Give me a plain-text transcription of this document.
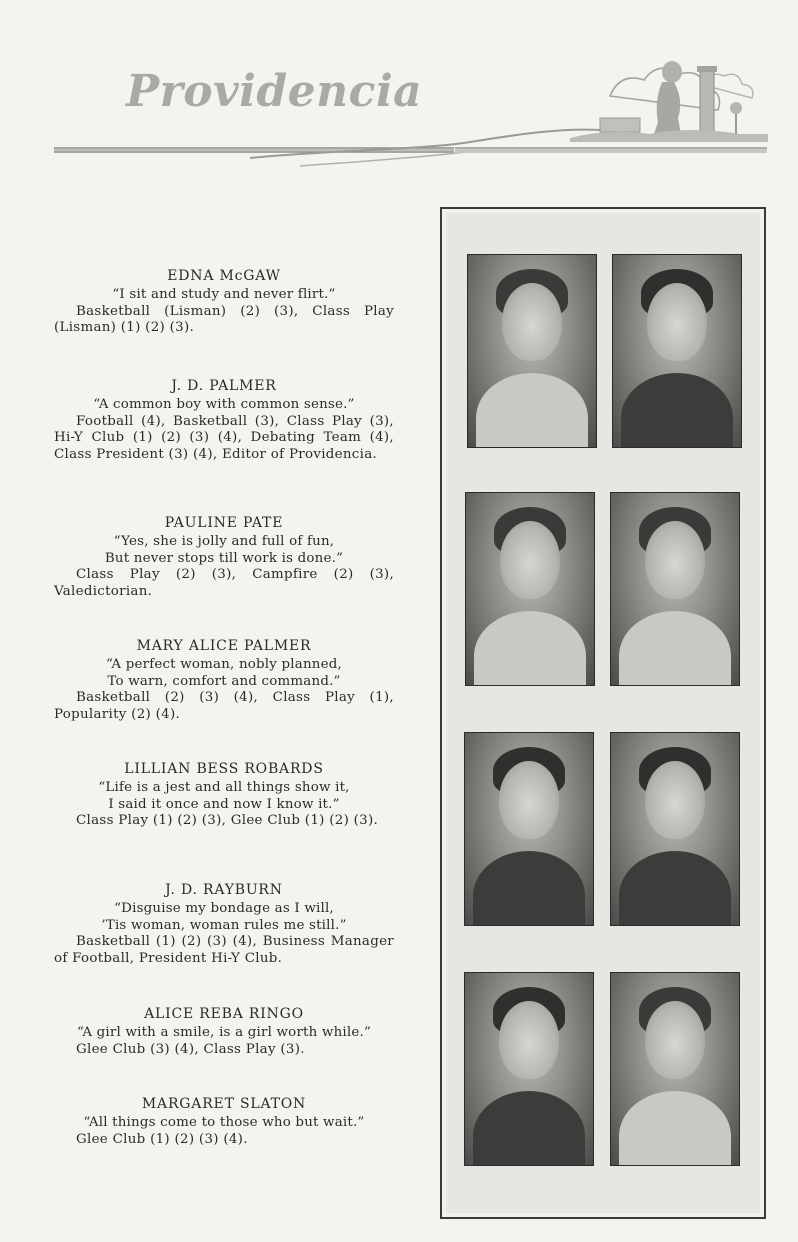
Providencia
EDNA McGAW
“I sit and study and never flirt.”
Basketball (Lisman) (2) (3), Class Play (Lisman) (1) (2) (3).
J. D. PALMER
“A common boy with common sense.”
Football (4), Basketball (3), Class Play (3), Hi-Y Club (1) (2) (3) (4), Debating Team (4), Class President (3) (4), Editor of Providencia.
PAULINE PATE
“Yes, she is jolly and full of fun,
But never stops till work is done.”
Class Play (2) (3), Campfire (2) (3), Valedictorian.
MARY ALICE PALMER
“A perfect woman, nobly planned,
To warn, comfort and command.”
Basketball (2) (3) (4), Class Play (1), Popularity (2) (4).
LILLIAN BESS ROBARDS
“Life is a jest and all things show it,
I said it once and now I know it.”
Class Play (1) (2) (3), Glee Club (1) (2) (3).
J. D. RAYBURN
“Disguise my bondage as I will,
’Tis woman, woman rules me still.”
Basketball (1) (2) (3) (4), Business Manager of Football, President Hi-Y Club.
ALICE REBA RINGO
“A girl with a smile, is a girl worth while.”
Glee Club (3) (4), Class Play (3).
MARGARET SLATON
“All things come to those who but wait.”
Glee Club (1) (2) (3) (4).
